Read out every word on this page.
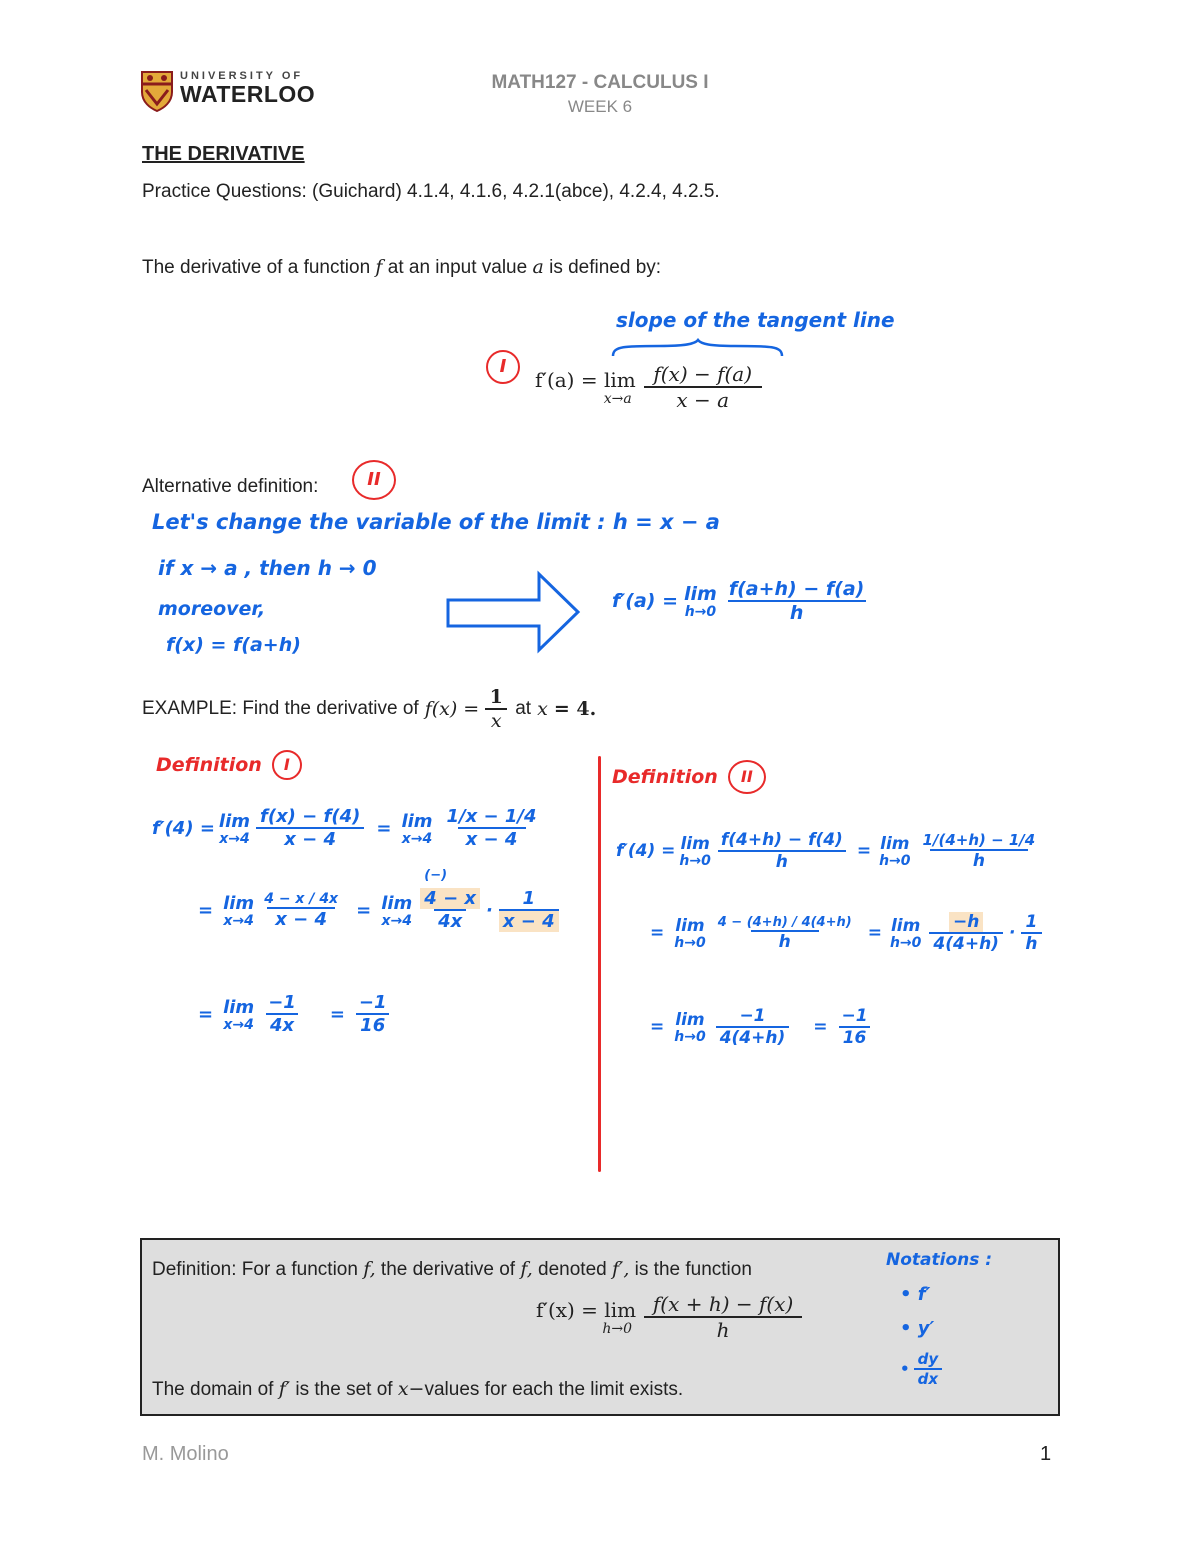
UNIVERSITY OF
WATERLOO	MATH127 - CALCULUS I
WEEK 6
THE DERIVATIVE
Practice Questions: (Guichard) 4.1.4, 4.1.6, 4.2.1(abce), 4.2.4, 4.2.5.
The derivative of a function f at an input value a is defined by:
slope of the tangent line
I
f′(a) = lim
$x\to a \frac{f(x) - f(a)}{x - a}$
Alternative definition:	II
Let's change the variable of the limit : h = x − a
if x → a , then h → 0
moreover,
f(x) = f(a+h)
f′(a) = lim
$h\to 0 \frac{f(a+h) - f(a)}{h}$
EXAMPLE: Find the derivative of $f(x) = \frac{1}{x}$ at x = 4.
Definition	I
f′(4) = lim
$x\to 4 \frac{f(x) - f(4)}{x - 4} = \lim$
$x\to 4 \frac{1/x - 1/4}{x - 4}$
= lim
$x\to 4 \frac{4 - x / 4x}{x - 4} = \lim$
x→4
(−)
$\frac{4 - x}{4x} \cdot \frac{1}{x - 4}$
= lim
$x\to 4 \frac{-1}{4x} = \frac{-1}{16}$
Definition	II
f′(4) = lim
$h\to 0 \frac{f(4+h) - f(4)}{h} = \lim$
$h\to 0 \frac{1/(4+h) - 1/4}{h}$
= lim
$h\to 0 \frac{4 - (4+h) / 4(4+h)}{h} = \lim$
$h\to 0 \frac{-h}{4(4+h)} \cdot \frac{1}{h}$
= lim
$h\to 0 \frac{-1}{4(4+h)} = \frac{-1}{16}$
Definition: For a function f, the derivative of f, denoted f′, is the function
f′(x) = lim
$h\to 0 \frac{f(x + h) - f(x)}{h}$
The domain of f′ is the set of x−values for each the limit exists.
Notations :
• f′
• y′
• $\frac{dy}{dx}$
M. Molino	1
